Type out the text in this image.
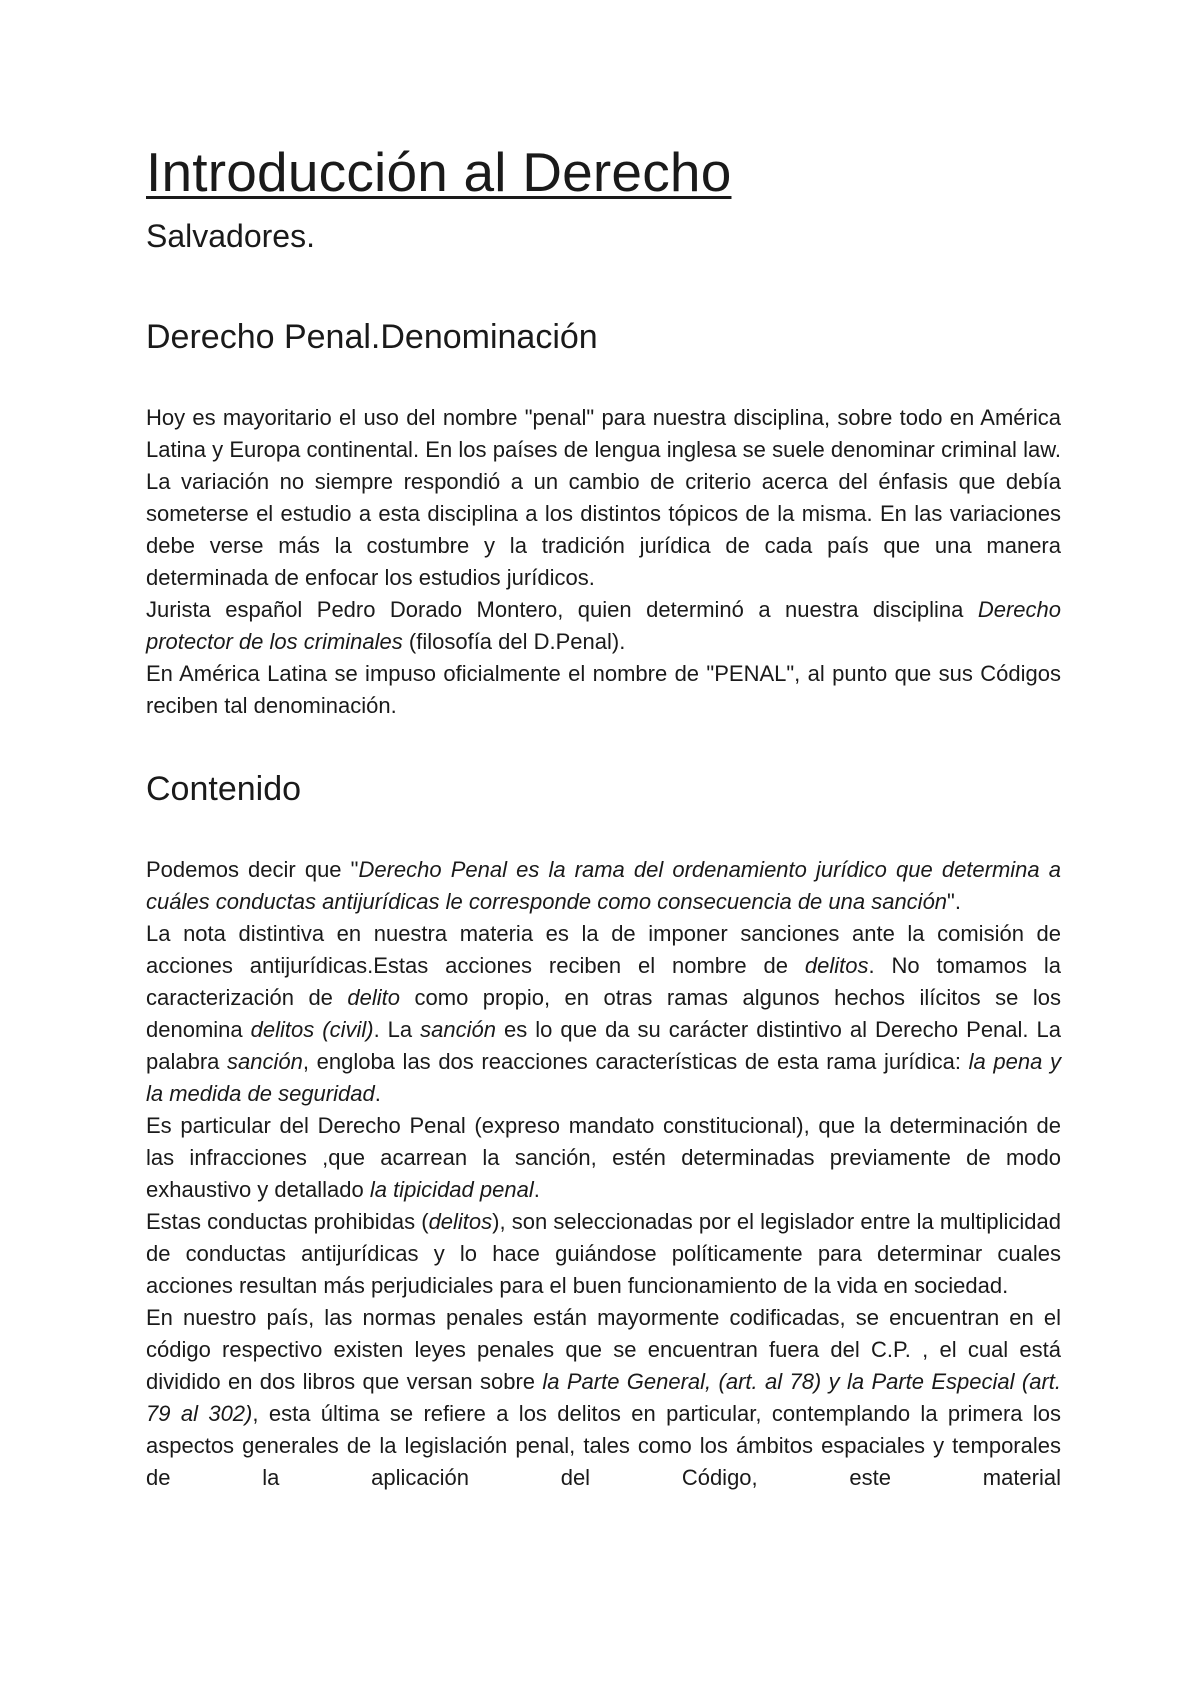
Introducción al Derecho
Salvadores.
Derecho Penal.Denominación

Hoy es mayoritario el uso del nombre "penal" para nuestra disciplina, sobre todo en América Latina y Europa continental. En los países de lengua inglesa se suele denominar criminal law. La variación no siempre respondió a un cambio de criterio acerca del énfasis que debía someterse el estudio a esta disciplina a los distintos tópicos de la misma. En las variaciones debe verse más la costumbre y la tradición jurídica de cada país que una manera determinada de enfocar los estudios jurídicos.

Jurista español Pedro Dorado Montero, quien determinó a nuestra disciplina Derecho protector de los criminales (filosofía del D.Penal).

En América Latina se impuso oficialmente el nombre de "PENAL", al punto que sus Códigos reciben tal denominación.

Contenido

Podemos decir que "Derecho Penal es la rama del ordenamiento jurídico que determina a cuáles conductas antijurídicas le corresponde como consecuencia de una sanción".

La nota distintiva en nuestra materia es la de imponer sanciones ante la comisión de acciones antijurídicas.Estas acciones reciben el nombre de delitos. No tomamos la caracterización de delito como propio, en otras ramas algunos hechos ilícitos se los denomina delitos (civil). La sanción es lo que da su carácter distintivo al Derecho Penal. La palabra sanción, engloba las dos reacciones características de esta rama jurídica: la pena y la medida de seguridad.

Es particular del Derecho Penal (expreso mandato constitucional), que la determinación de las infracciones ,que acarrean la sanción, estén determinadas previamente de modo exhaustivo y detallado la tipicidad penal.

Estas conductas prohibidas (delitos), son seleccionadas por el legislador entre la multiplicidad de conductas antijurídicas y lo hace guiándose políticamente para determinar cuales acciones resultan más perjudiciales para el buen funcionamiento de la vida en sociedad.

En nuestro país, las normas penales están mayormente codificadas, se encuentran en el código respectivo existen leyes penales que se encuentran fuera del C.P. , el cual está dividido en dos libros que versan sobre la Parte General, (art. al 78) y la Parte Especial (art. 79 al 302), esta última se refiere a los delitos en particular, contemplando la primera los aspectos generales de la legislación penal, tales como los ámbitos espaciales y temporales de la aplicación del Código, este material
